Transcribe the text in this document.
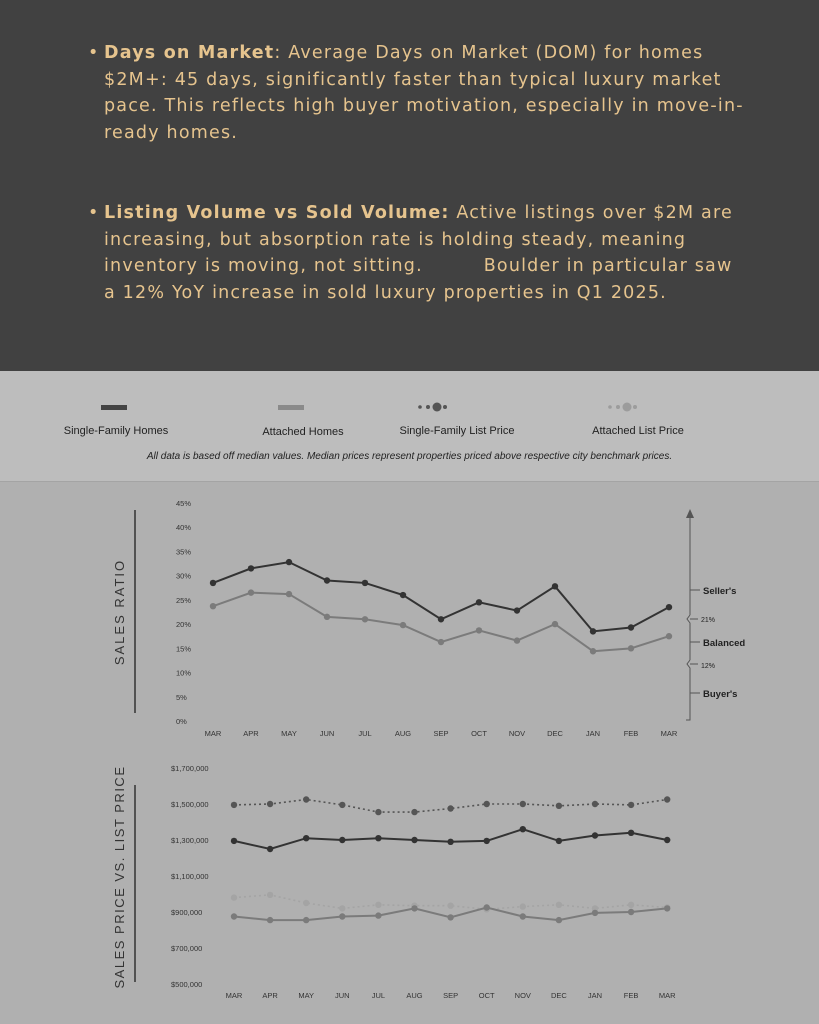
• Days on Market: Average Days on Market (DOM) for homes $2M+: 45 days, significantly faster than typical luxury market pace. This reflects high buyer motivation, especially in move-in-ready homes.
• Listing Volume vs Sold Volume: Active listings over $2M are increasing, but absorption rate is holding steady, meaning inventory is moving, not sitting.         Boulder in particular saw a 12% YoY increase in sold luxury properties in Q1 2025.
Single-Family Homes	Attached Homes	Single-Family List Price	Attached List Price
All data is based off median values. Median prices represent properties priced above respective city benchmark prices.
SALES RATIO
0%
5%
10%
15%
20%
25%
30%
35%
40%
45%
MAR	APR	MAY	JUN	JUL	AUG	SEP	OCT	NOV	DEC	JAN	FEB	MAR
Seller's
Balanced
Buyer's
21%
12%
SALES PRICE VS. LIST PRICE	$500,000
$700,000
$900,000
$1,100,000
$1,300,000
$1,500,000
$1,700,000
MAR	APR	MAY	JUN	JUL	AUG	SEP	OCT	NOV	DEC	JAN	FEB	MAR
